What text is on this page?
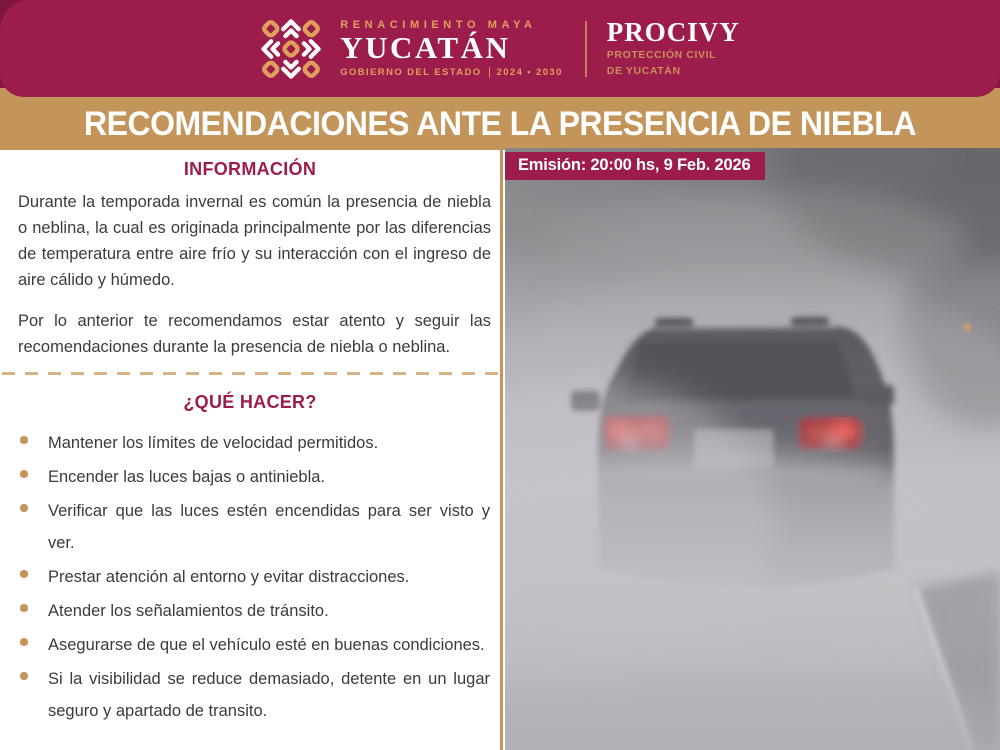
RENACIMIENTO MAYA
YUCATÁN
GOBIERNO DEL ESTADO 2024 • 2030
PROCIVY
PROTECCIÓN CIVIL
DE YUCATÁN
RECOMENDACIONES ANTE LA PRESENCIA DE NIEBLA
INFORMACIÓN

Durante la temporada invernal es común la presencia de niebla o neblina, la cual es originada principalmente por las diferencias de temperatura entre aire frío y su interacción con el ingreso de aire cálido y húmedo.

Por lo anterior te recomendamos estar atento y seguir las recomendaciones durante la presencia de niebla o neblina.

¿QUÉ HACER?
Mantener los límites de velocidad permitidos.
Encender las luces bajas o antiniebla.
Verificar que las luces estén encendidas para ser visto y ver.
Prestar atención al entorno y evitar distracciones.
Atender los señalamientos de tránsito.
Asegurarse de que el vehículo esté en buenas condiciones.
Si la visibilidad se reduce demasiado, detente en un lugar seguro y apartado de transito.
Emisión: 20:00 hs, 9 Feb. 2026
